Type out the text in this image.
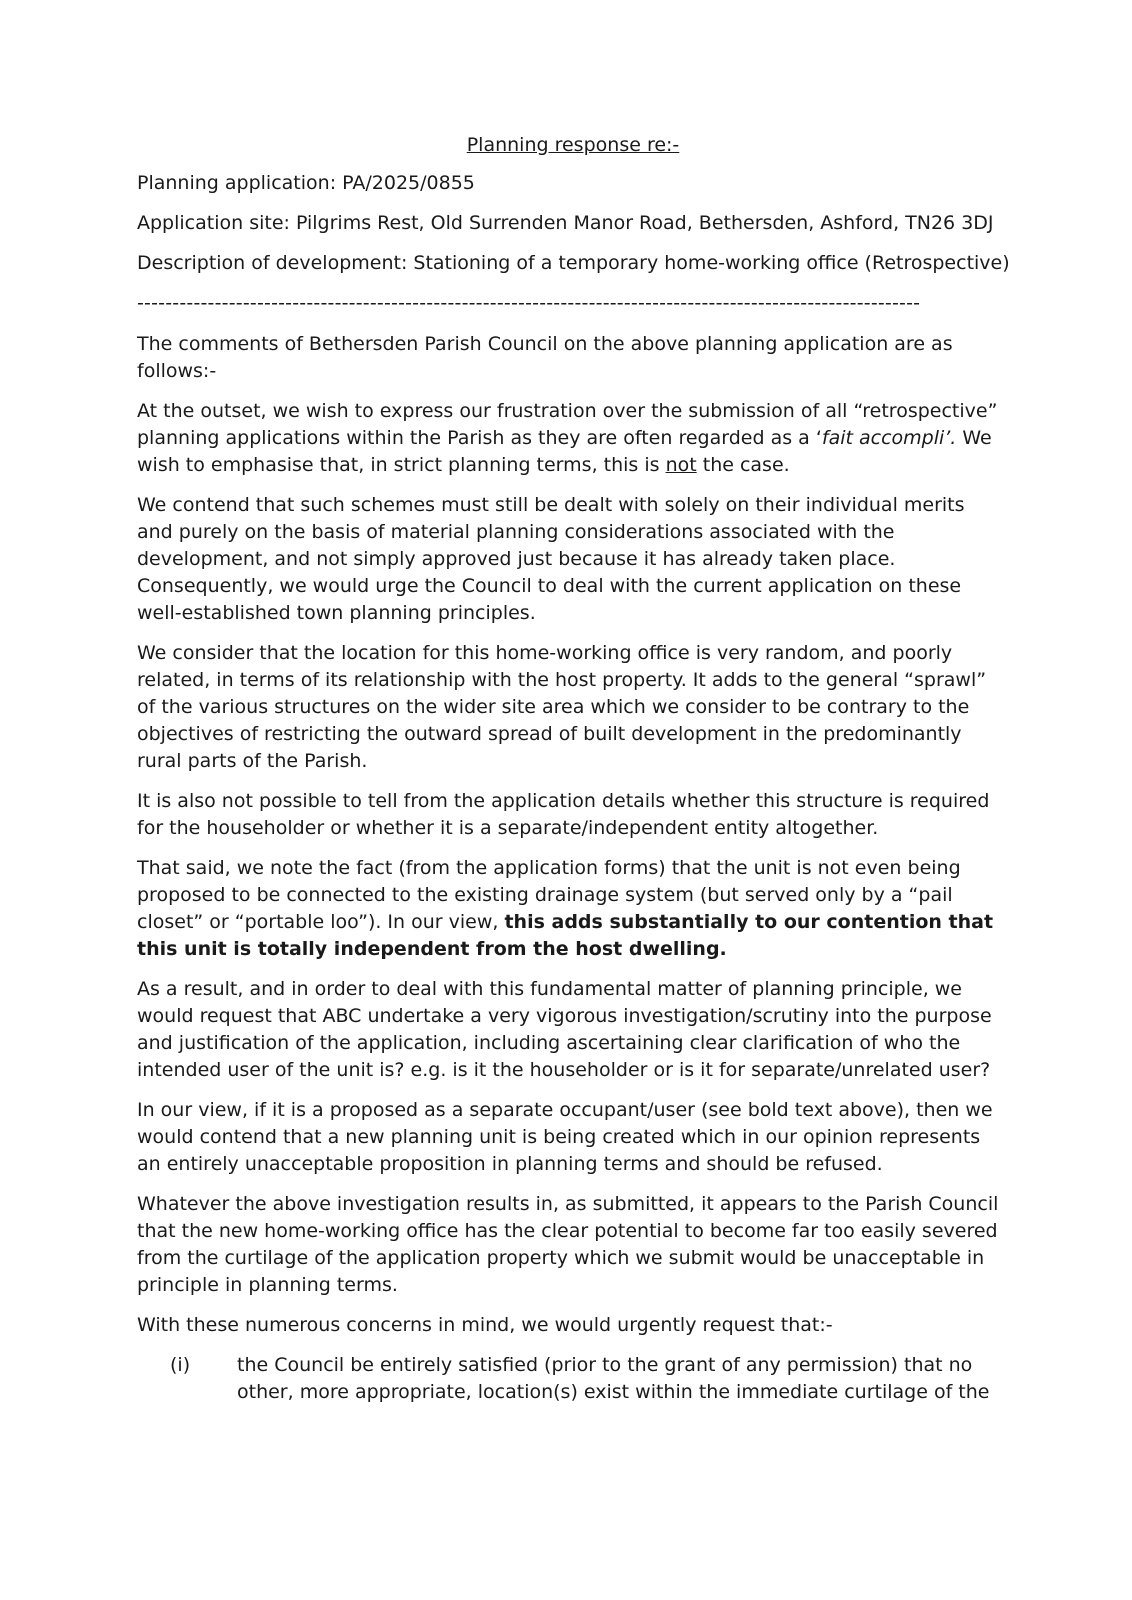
Planning response re:-
Planning application: PA/2025/0855
Application site: Pilgrims Rest, Old Surrenden Manor Road, Bethersden, Ashford, TN26 3DJ
Description of development: Stationing of a temporary home-working office (Retrospective)
---------------------------------------------------------------------------------------------------------------

The comments of Bethersden Parish Council on the above planning application are as follows:-

At the outset, we wish to express our frustration over the submission of all “retrospective” planning applications within the Parish as they are often regarded as a ‘fait accompli’. We wish to emphasise that, in strict planning terms, this is not the case.

We contend that such schemes must still be dealt with solely on their individual merits and purely on the basis of material planning considerations associated with the development, and not simply approved just because it has already taken place. Consequently, we would urge the Council to deal with the current application on these well-established town planning principles.

We consider that the location for this home-working office is very random, and poorly related, in terms of its relationship with the host property. It adds to the general “sprawl” of the various structures on the wider site area which we consider to be contrary to the objectives of restricting the outward spread of built development in the predominantly rural parts of the Parish.

It is also not possible to tell from the application details whether this structure is required for the householder or whether it is a separate/independent entity altogether.

That said, we note the fact (from the application forms) that the unit is not even being proposed to be connected to the existing drainage system (but served only by a “pail closet” or “portable loo”). In our view, this adds substantially to our contention that this unit is totally independent from the host dwelling.

As a result, and in order to deal with this fundamental matter of planning principle, we would request that ABC undertake a very vigorous investigation/scrutiny into the purpose and justification of the application, including ascertaining clear clarification of who the intended user of the unit is? e.g. is it the householder or is it for separate/unrelated user?

In our view, if it is a proposed as a separate occupant/user (see bold text above), then we would contend that a new planning unit is being created which in our opinion represents an entirely unacceptable proposition in planning terms and should be refused.

Whatever the above investigation results in, as submitted, it appears to the Parish Council that the new home-working office has the clear potential to become far too easily severed from the curtilage of the application property which we submit would be unacceptable in principle in planning terms.

With these numerous concerns in mind, we would urgently request that:-

(i) the Council be entirely satisfied (prior to the grant of any permission) that no other, more appropriate, location(s) exist within the immediate curtilage of the
